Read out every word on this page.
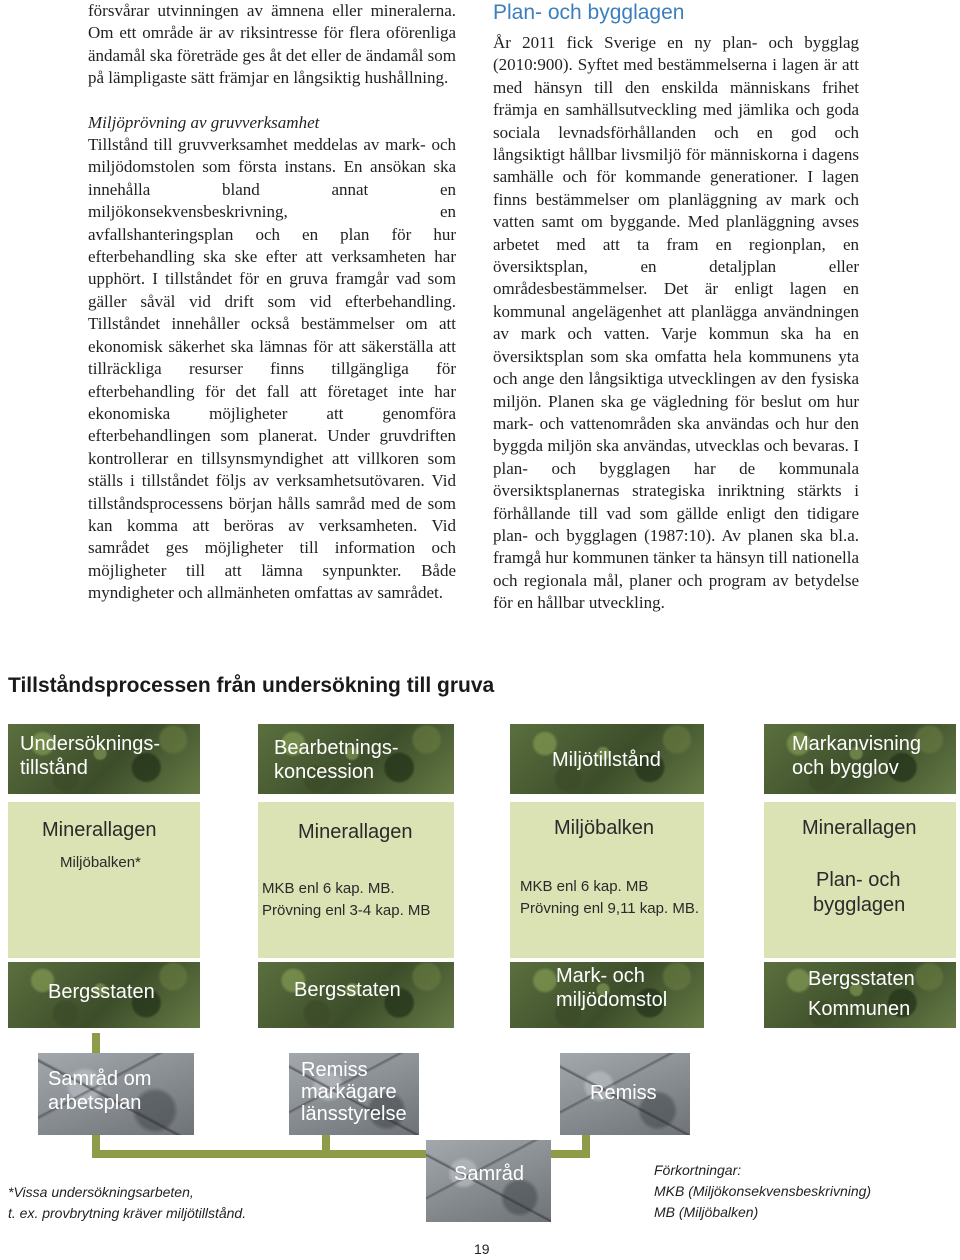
försvårar utvinningen av ämnena eller mineralerna. Om ett område är av riksintresse för flera oförenliga ändamål ska företräde ges åt det eller de ändamål som på lämpligaste sätt främjar en långsiktig hushållning.

Miljöprövning av gruvverksamhet

Tillstånd till gruvverksamhet meddelas av mark- och miljödomstolen som första instans. En ansökan ska innehålla bland annat en miljökonsekvensbeskrivning, en avfallshanteringsplan och en plan för hur efterbehandling ska ske efter att verksamheten har upphört. I tillståndet för en gruva framgår vad som gäller såväl vid drift som vid efterbehandling. Tillståndet innehåller också bestämmelser om att ekonomisk säkerhet ska lämnas för att säkerställa att tillräckliga resurser finns tillgängliga för efterbehandling för det fall att företaget inte har ekonomiska möjligheter att genomföra efterbehandlingen som planerat. Under gruvdriften kontrollerar en tillsynsmyndighet att villkoren som ställs i tillståndet följs av verksamhetsutövaren. Vid tillståndsprocessens början hålls samråd med de som kan komma att beröras av verksamheten. Vid samrådet ges möjligheter till information och möjligheter till att lämna synpunkter. Både myndigheter och allmänheten omfattas av samrådet.

Plan- och bygglagen

År 2011 fick Sverige en ny plan- och bygglag (2010:900). Syftet med bestämmelserna i lagen är att med hänsyn till den enskilda människans frihet främja en samhällsutveckling med jämlika och goda sociala levnadsförhållanden och en god och långsiktigt hållbar livsmiljö för människorna i dagens samhälle och för kommande generationer. I lagen finns bestämmelser om planläggning av mark och vatten samt om byggande. Med planläggning avses arbetet med att ta fram en regionplan, en översiktsplan, en detaljplan eller områdesbestämmelser. Det är enligt lagen en kommunal angelägenhet att planlägga användningen av mark och vatten. Varje kommun ska ha en översiktsplan som ska omfatta hela kommunens yta och ange den långsiktiga utvecklingen av den fysiska miljön. Planen ska ge vägledning för beslut om hur mark- och vattenområden ska användas och hur den byggda miljön ska användas, utvecklas och bevaras. I plan- och bygglagen har de kommunala översiktsplanernas strategiska inriktning stärkts i förhållande till vad som gällde enligt den tidigare plan- och bygglagen (1987:10). Av planen ska bl.a. framgå hur kommunen tänker ta hänsyn till nationella och regionala mål, planer och program av betydelse för en hållbar utveckling.

Tillståndsprocessen från undersökning till gruva
Undersöknings-
tillstånd
Minerallagen
Miljöbalken*
Bergsstaten
Samråd om
arbetsplan
Bearbetnings-
koncession
Minerallagen
MKB enl 6 kap. MB.
Prövning enl 3-4 kap. MB
Bergsstaten
Remiss
markägare
länsstyrelse
Miljötillstånd
Miljöbalken
MKB enl 6 kap. MB
Prövning enl 9,11 kap. MB.
Mark- och
miljödomstol
Remiss
Markanvisning
och bygglov
Minerallagen
Plan- och
bygglagen
Bergsstaten
Kommunen
Samråd
*Vissa undersökningsarbeten,
t. ex. provbrytning kräver miljötillstånd.
Förkortningar:
MKB (Miljökonsekvensbeskrivning)
MB (Miljöbalken)
19
